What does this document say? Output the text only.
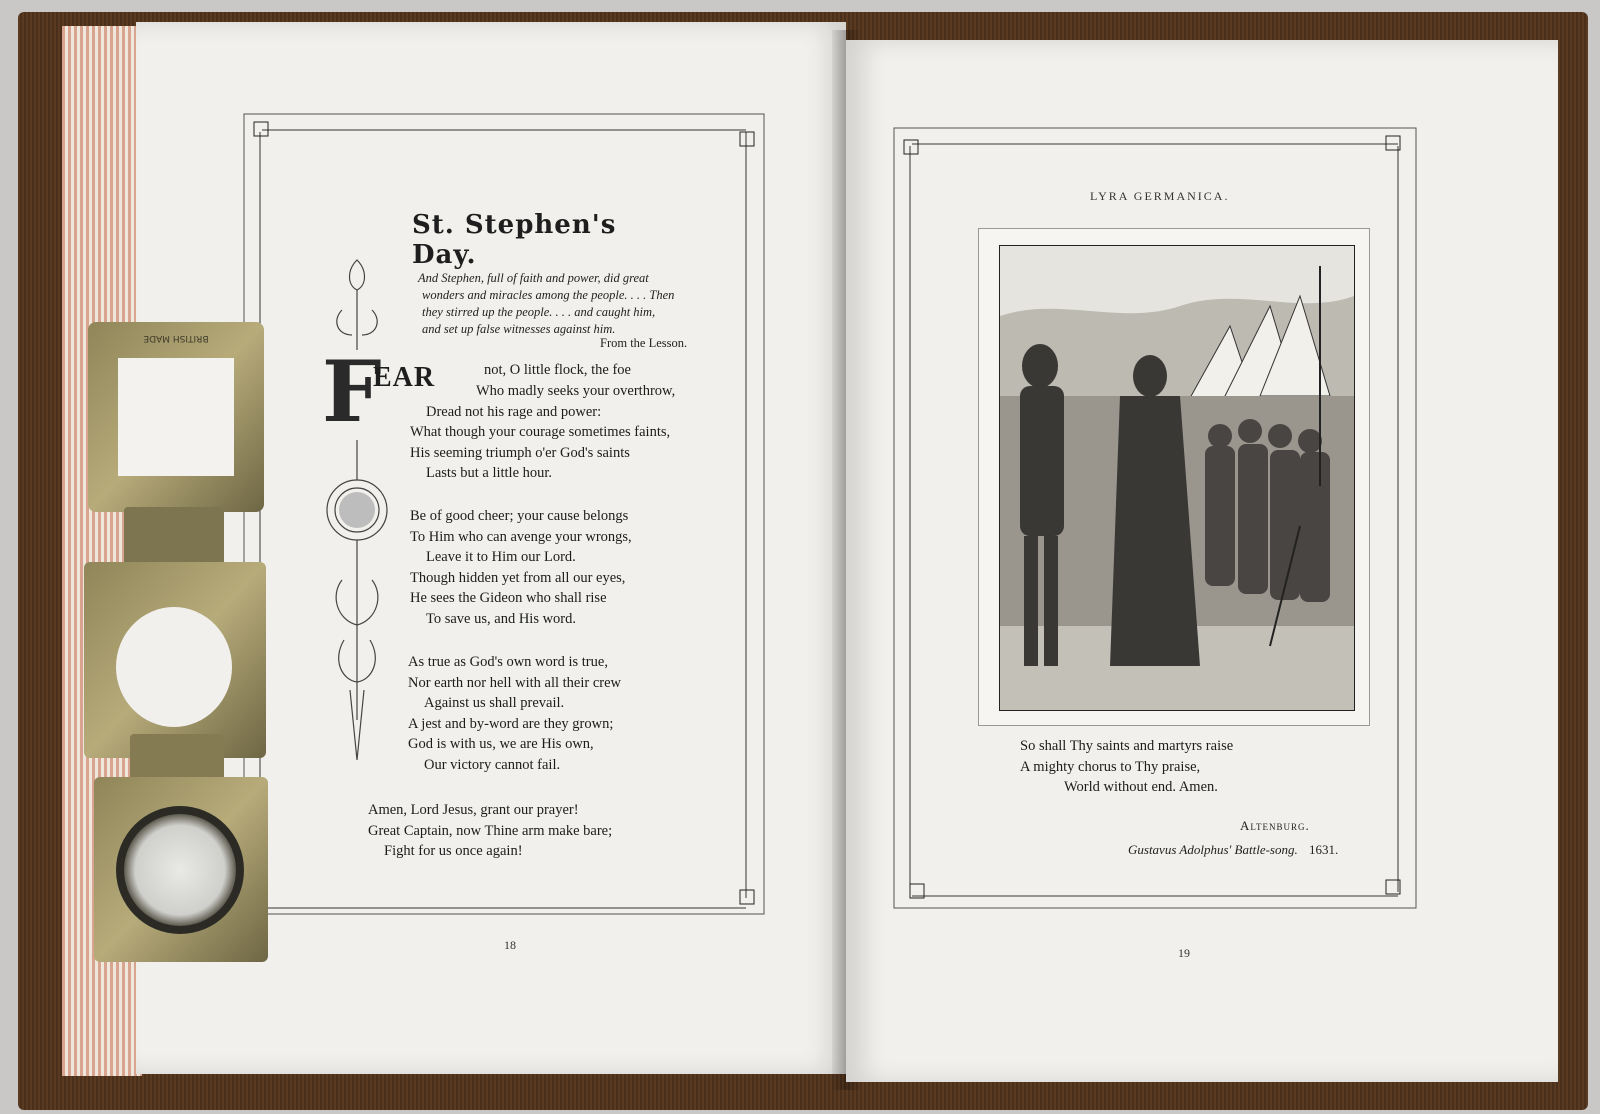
St. Stephen's Day.
And Stephen, full of faith and power, did great
wonders and miracles among the people. . . . Then
they stirred up the people. . . . and caught him,
and set up false witnesses against him.
From the Lesson.
F
EAR	not, O little flock, the foe
Who madly seeks your overthrow,
Dread not his rage and power:
What though your courage sometimes faints,
His seeming triumph o'er God's saints
Lasts but a little hour.
Be of good cheer; your cause belongs
To Him who can avenge your wrongs,
Leave it to Him our Lord.
Though hidden yet from all our eyes,
He sees the Gideon who shall rise
To save us, and His word.
As true as God's own word is true,
Nor earth nor hell with all their crew
Against us shall prevail.
A jest and by-word are they grown;
God is with us, we are His own,
Our victory cannot fail.
Amen, Lord Jesus, grant our prayer!
Great Captain, now Thine arm make bare;
Fight for us once again!
18
LYRA GERMANICA.
So shall Thy saints and martyrs raise
A mighty chorus to Thy praise,
World without end. Amen.
Altenburg.
Gustavus Adolphus' Battle-song. 1631.
19
BRITISH MADE
